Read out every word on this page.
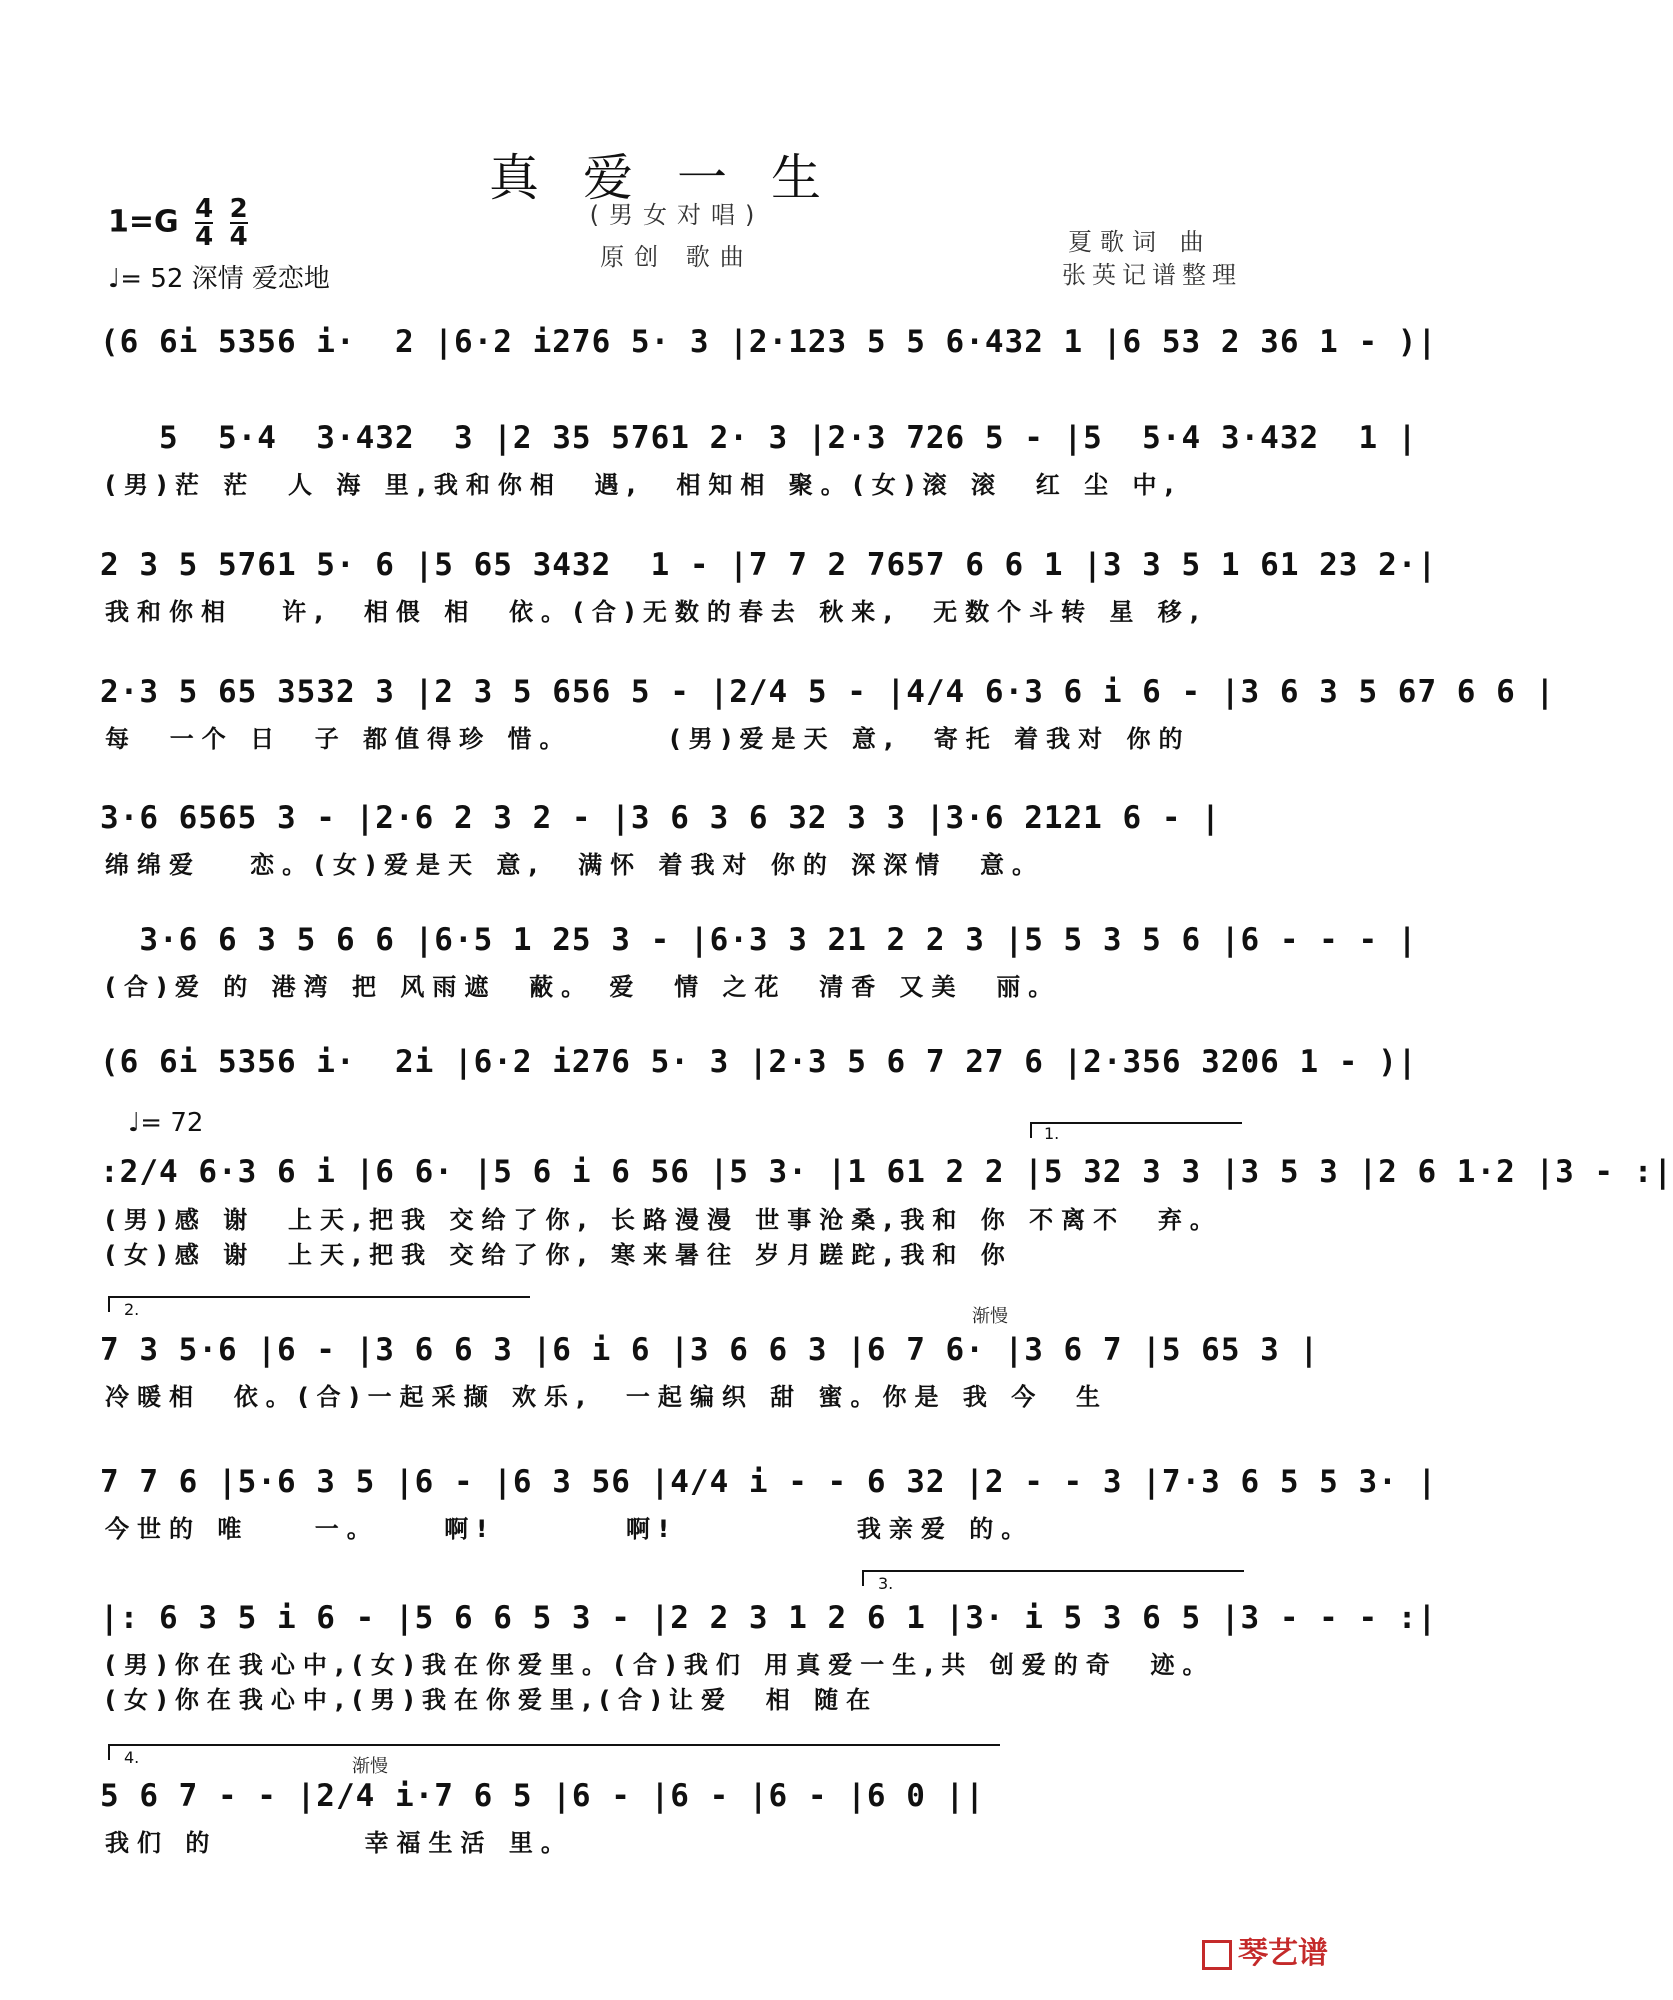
真爱一生
(男女对唱)
原创 歌曲
$1=G \frac{4}{4}$
$\frac{2}{4}$
♩= 52 深情 爱恋地
夏歌词 曲
张英记谱整理
(6 6i 5356 i·  2 |6·2 i276 5· 3 |2·123 5 5 6·432 1 |6 53 2 36 1 - )|
5  5·4  3·432  3 |2 35 5761 2· 3 |2·3 726 5 - |5  5·4 3·432  1 |
(男)茫 茫  人 海 里,我和你相  遇,  相知相 聚。(女)滚 滚  红 尘 中,
2 3 5 5761 5· 6 |5 65 3432  1 - |7 7 2 7657 6 6 1 |3 3 5 1 61 23 2·|
我和你相   许,  相偎 相  依。(合)无数的春去 秋来,  无数个斗转 星 移,
2·3 5 65 3532 3 |2 3 5 656 5 - |2/4 5 - |4/4 6·3 6 i 6 - |3 6 3 5 67 6 6 |
每  一个 日  子 都值得珍 惜。      (男)爱是天 意,  寄托 着我对 你的
3·6 6565 3 - |2·6 2 3 2 - |3 6 3 6 32 3 3 |3·6 2121 6 - |
绵绵爱   恋。(女)爱是天 意,  满怀 着我对 你的 深深情  意。
3·6 6 3 5 6 6 |6·5 1 25 3 - |6·3 3 21 2 2 3 |5 5 3 5 6 |6 - - - |
(合)爱 的 港湾 把 风雨遮  蔽。 爱  情 之花  清香 又美  丽。
(6 6i 5356 i·  2i |6·2 i276 5· 3 |2·3 5 6 7 27 6 |2·356 3206 1 - )|
♩= 72	1.
:2/4 6·3 6 i |6 6· |5 6 i 6 56 |5 3· |1 61 2 2 |5 32 3 3 |3 5 3 |2 6 1·2 |3 - :|
(男)感 谢  上天,把我 交给了你, 长路漫漫 世事沧桑,我和 你 不离不  弃。
(女)感 谢  上天,把我 交给了你, 寒来暑往 岁月蹉跎,我和 你
2.	渐慢
7 3 5·6 |6 - |3 6 6 3 |6 i 6 |3 6 6 3 |6 7 6· |3 6 7 |5 65 3 |
冷暖相  依。(合)一起采撷 欢乐,  一起编织 甜 蜜。你是 我 今  生
7 7 6 |5·6 3 5 |6 - |6 3 56 |4/4 i - - 6 32 |2 - - 3 |7·3 6 5 5 3· |
今世的 唯    一。    啊!        啊!           我亲爱 的。
3.
|: 6 3 5 i 6 - |5 6 6 5 3 - |2 2 3 1 2 6 1 |3· i 5 3 6 5 |3 - - - :|
(男)你在我心中,(女)我在你爱里。(合)我们 用真爱一生,共 创爱的奇  迹。
(女)你在我心中,(男)我在你爱里,(合)让爱  相 随在
4.	渐慢
5 6 7 - - |2/4 i·7 6 5 |6 - |6 - |6 - |6 0 ||
我们 的         幸福生活 里。
琴艺谱
